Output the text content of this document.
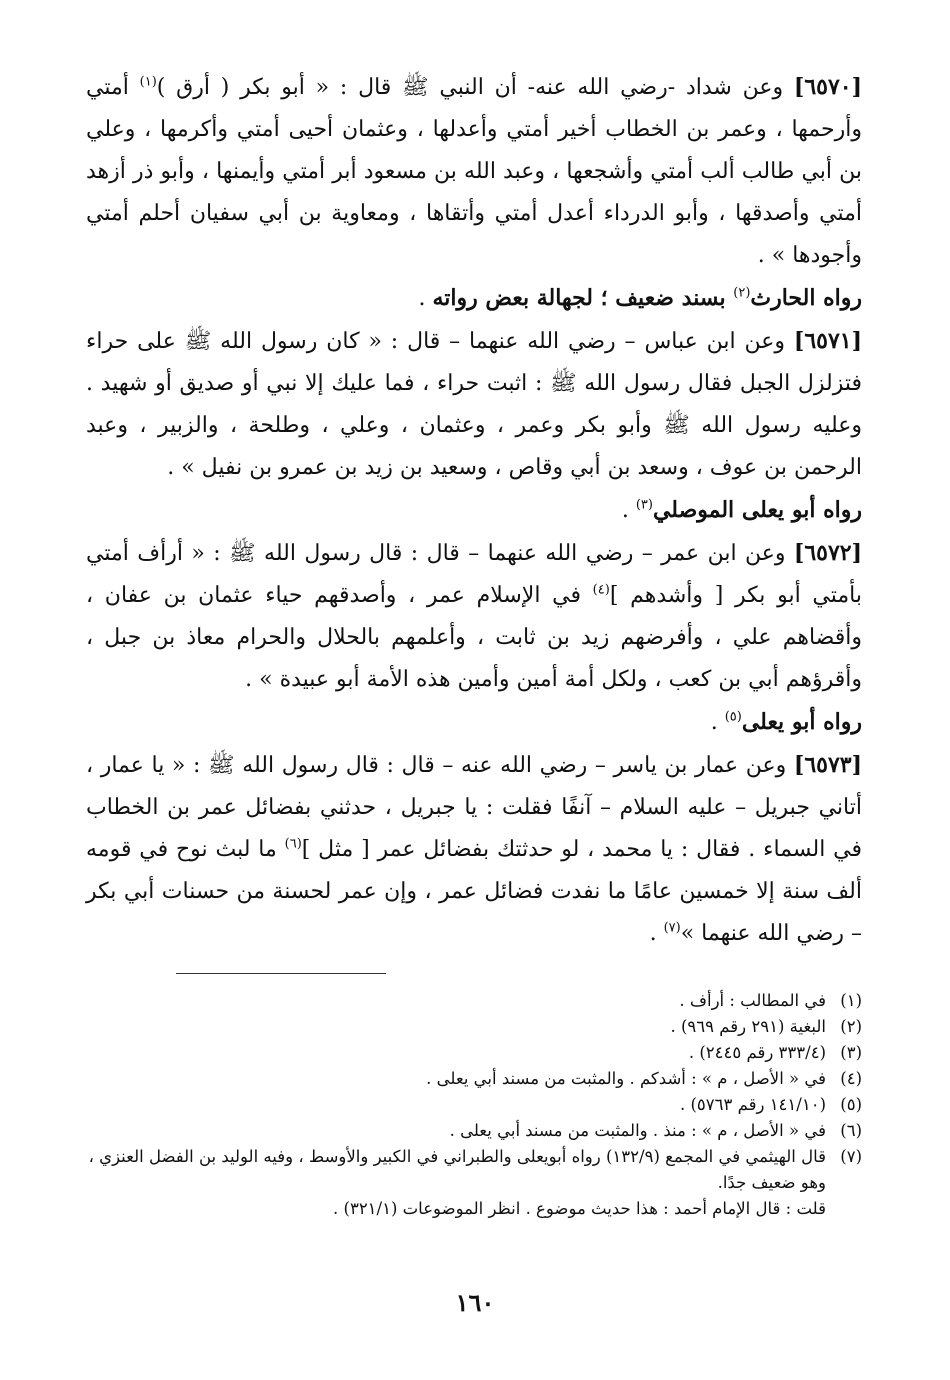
[٦٥٧٠] وعن شداد -رضي الله عنه- أن النبي ﷺ قال : « أبو بكر ( أرق )$^{(١)}$ أمتي وأرحمها ، وعمر بن الخطاب أخير أمتي وأعدلها ، وعثمان أحيى أمتي وأكرمها ، وعلي بن أبي طالب ألب أمتي وأشجعها ، وعبد الله بن مسعود أبر أمتي وأيمنها ، وأبو ذر أزهد أمتي وأصدقها ، وأبو الدرداء أعدل أمتي وأتقاها ، ومعاوية بن أبي سفيان أحلم أمتي وأجودها » .

رواه الحارث$^{(٢)}$ بسند ضعيف ؛ لجهالة بعض رواته .

[٦٥٧١] وعن ابن عباس – رضي الله عنهما – قال : « كان رسول الله ﷺ على حراء فتزلزل الجبل فقال رسول الله ﷺ : اثبت حراء ، فما عليك إلا نبي أو صديق أو شهيد . وعليه رسول الله ﷺ وأبو بكر وعمر ، وعثمان ، وعلي ، وطلحة ، والزبير ، وعبد الرحمن بن عوف ، وسعد بن أبي وقاص ، وسعيد بن زيد بن عمرو بن نفيل » .

رواه أبو يعلى الموصلي$^{(٣)}$ .

[٦٥٧٢] وعن ابن عمر – رضي الله عنهما – قال : قال رسول الله ﷺ : « أرأف أمتي بأمتي أبو بكر [ وأشدهم ]$^{(٤)}$ في الإسلام عمر ، وأصدقهم حياء عثمان بن عفان ، وأقضاهم علي ، وأفرضهم زيد بن ثابت ، وأعلمهم بالحلال والحرام معاذ بن جبل ، وأقرؤهم أبي بن كعب ، ولكل أمة أمين وأمين هذه الأمة أبو عبيدة » .

رواه أبو يعلى$^{(٥)}$ .

[٦٥٧٣] وعن عمار بن ياسر – رضي الله عنه – قال : قال رسول الله ﷺ : « يا عمار ، أتاني جبريل – عليه السلام – آنفًا فقلت : يا جبريل ، حدثني بفضائل عمر بن الخطاب في السماء . فقال : يا محمد ، لو حدثتك بفضائل عمر [ مثل ]$^{(٦)}$ ما لبث نوح في قومه ألف سنة إلا خمسين عامًا ما نفدت فضائل عمر ، وإن عمر لحسنة من حسنات أبي بكر – رضي الله عنهما »$^{(٧)}$ .

(١)
في المطالب : أرأف .
(٢)
البغية (٢٩١ رقم ٩٦٩) .
(٣)
(٣٣٣/٤ رقم ٢٤٤٥) .
(٤)
في « الأصل ، م » : أشدكم . والمثبت من مسند أبي يعلى .
(٥)
(١٤١/١٠ رقم ٥٧٦٣) .
(٦)
في « الأصل ، م » : منذ . والمثبت من مسند أبي يعلى .
(٧)
قال الهيثمي في المجمع (١٣٢/٩) رواه أبويعلى والطبراني في الكبير والأوسط ، وفيه الوليد بن الفضل العنزي ، وهو ضعيف جدًا.
قلت : قال الإمام أحمد : هذا حديث موضوع . انظر الموضوعات (٣٢١/١) .
١٦٠
